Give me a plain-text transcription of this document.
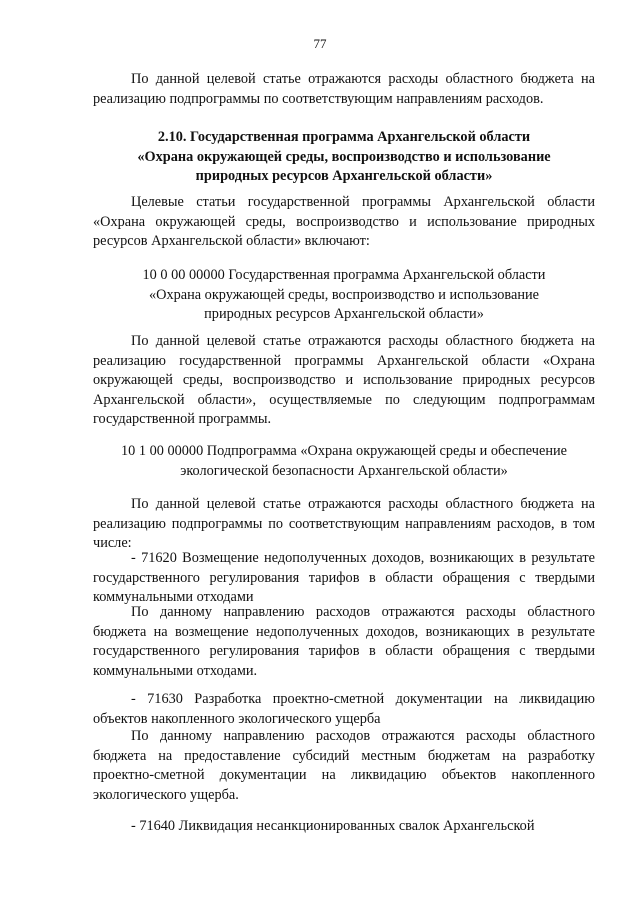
77
По данной целевой статье отражаются расходы областного бюджета на реализацию подпрограммы по соответствующим направлениям расходов.
2.10. Государственная программа Архангельской области
«Охрана окружающей среды, воспроизводство и использование
природных ресурсов Архангельской области»
Целевые статьи государственной программы Архангельской области «Охрана окружающей среды, воспроизводство и использование природных ресурсов Архангельской области» включают:
10 0 00 00000 Государственная программа Архангельской области
«Охрана окружающей среды, воспроизводство и использование
природных ресурсов Архангельской области»
По данной целевой статье отражаются расходы областного бюджета на реализацию государственной программы Архангельской области «Охрана окружающей среды, воспроизводство и использование природных ресурсов Архангельской области», осуществляемые по следующим подпрограммам государственной программы.
10 1 00 00000 Подпрограмма «Охрана окружающей среды и обеспечение
экологической безопасности Архангельской области»
По данной целевой статье отражаются расходы областного бюджета на реализацию подпрограммы по соответствующим направлениям расходов, в том числе:
- 71620 Возмещение недополученных доходов, возникающих в результате государственного регулирования тарифов в области обращения с твердыми коммунальными отходами
По данному направлению расходов отражаются расходы областного бюджета на возмещение недополученных доходов, возникающих в результате государственного регулирования тарифов в области обращения с твердыми коммунальными отходами.
- 71630 Разработка проектно-сметной документации на ликвидацию объектов накопленного экологического ущерба
По данному направлению расходов отражаются расходы областного бюджета на предоставление субсидий местным бюджетам на разработку проектно-сметной документации на ликвидацию объектов накопленного экологического ущерба.
- 71640 Ликвидация несанкционированных свалок Архангельской
